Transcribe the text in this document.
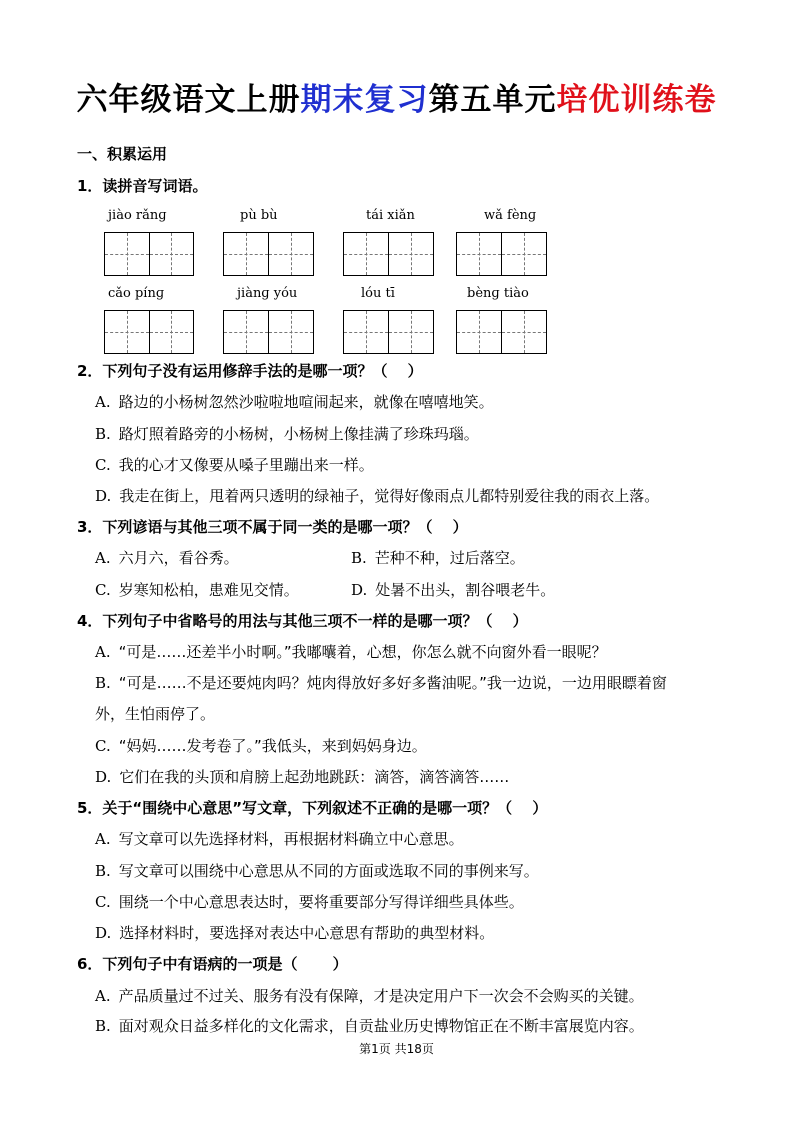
六年级语文上册期末复习第五单元培优训练卷
一、积累运用
1．读拼音写词语。
jiào rǎnɡ	pù bù	tái xiǎn	wǎ fènɡ
cǎo pínɡ	jiànɡ yóu	lóu tī	bènɡ tiào
2．下列句子没有运用修辞手法的是哪一项？（　 ）
A. 路边的小杨树忽然沙啦啦地喧闹起来，就像在嘻嘻地笑。
B. 路灯照着路旁的小杨树，小杨树上像挂满了珍珠玛瑙。
C. 我的心才又像要从嗓子里蹦出来一样。
D. 我走在街上，甩着两只透明的绿袖子，觉得好像雨点儿都特别爱往我的雨衣上落。
3．下列谚语与其他三项不属于同一类的是哪一项？（　 ）
A. 六月六，看谷秀。	B. 芒种不种，过后落空。
C. 岁寒知松柏，患难见交情。	D. 处暑不出头，割谷喂老牛。
4．下列句子中省略号的用法与其他三项不一样的是哪一项？（　 ）
A. “可是……还差半小时啊。”我嘟囔着，心想，你怎么就不向窗外看一眼呢？
B. “可是……不是还要炖肉吗？炖肉得放好多好多酱油呢。”我一边说，一边用眼瞟着窗
外，生怕雨停了。
C. “妈妈……发考卷了。”我低头，来到妈妈身边。
D. 它们在我的头顶和肩膀上起劲地跳跃：滴答，滴答滴答……
5．关于“围绕中心意思”写文章，下列叙述不正确的是哪一项？（　 ）
A. 写文章可以先选择材料，再根据材料确立中心意思。
B. 写文章可以围绕中心意思从不同的方面或选取不同的事例来写。
C. 围绕一个中心意思表达时，要将重要部分写得详细些具体些。
D. 选择材料时，要选择对表达中心意思有帮助的典型材料。
6．下列句子中有语病的一项是（　　 ）
A. 产品质量过不过关、服务有没有保障，才是决定用户下一次会不会购买的关键。
B. 面对观众日益多样化的文化需求，自贡盐业历史博物馆正在不断丰富展览内容。
第1页 共18页
